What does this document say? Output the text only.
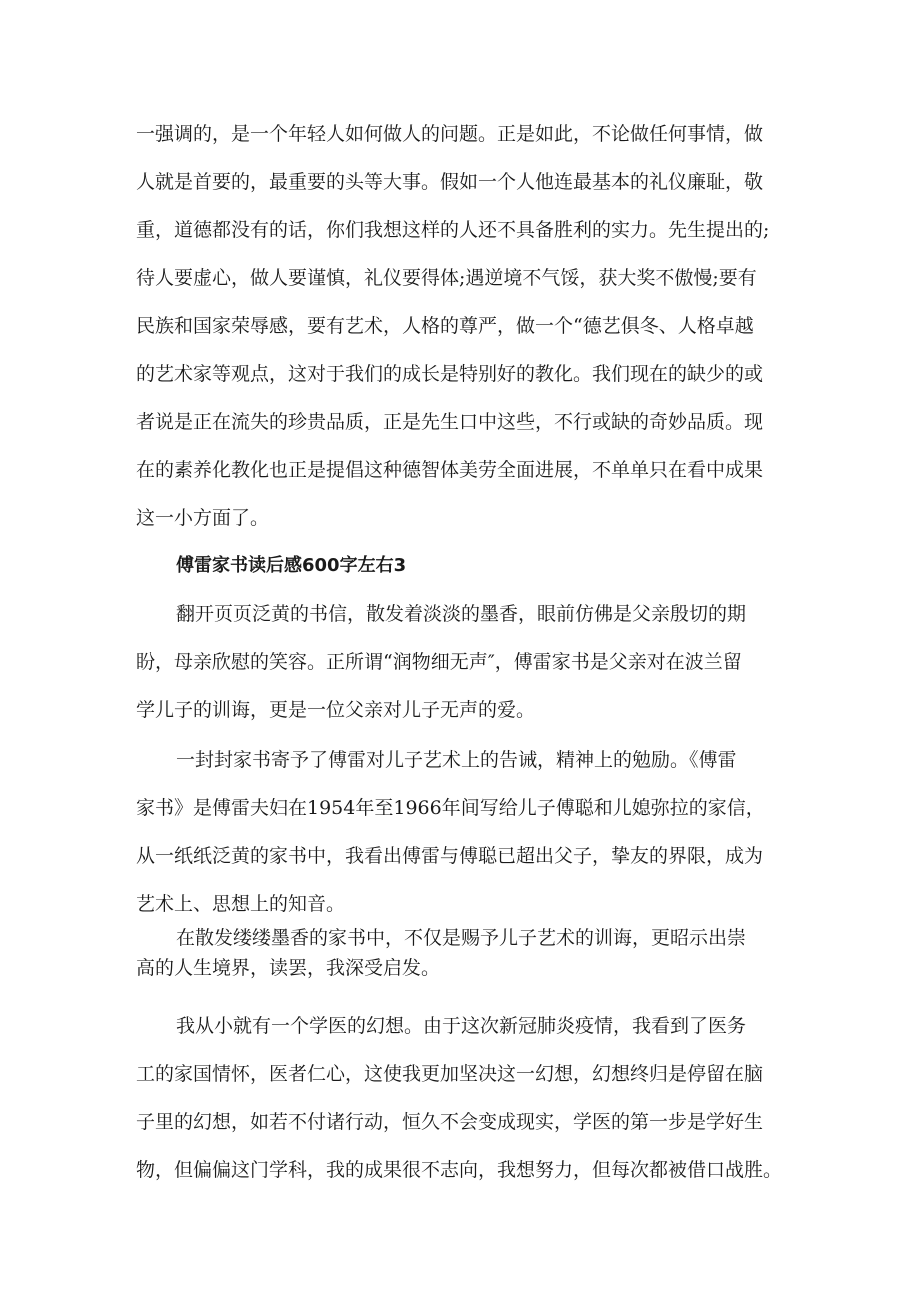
一强调的，是一个年轻人如何做人的问题。正是如此，不论做任何事情，做

人就是首要的，最重要的头等大事。假如一个人他连最基本的礼仪廉耻，敬

重，道德都没有的话，你们我想这样的人还不具备胜利的实力。先生提出的;

待人要虚心，做人要谨慎，礼仪要得体;遇逆境不气馁，获大奖不傲慢;要有

民族和国家荣辱感，要有艺术，人格的尊严，做一个“德艺俱冬、人格卓越

的艺术家等观点，这对于我们的成长是特别好的教化。我们现在的缺少的或

者说是正在流失的珍贵品质，正是先生口中这些，不行或缺的奇妙品质。现

在的素养化教化也正是提倡这种德智体美劳全面进展，不单单只在看中成果

这一小方面了。

傅雷家书读后感600字左右3

翻开页页泛黄的书信，散发着淡淡的墨香，眼前仿佛是父亲殷切的期

盼，母亲欣慰的笑容。正所谓“润物细无声″，傅雷家书是父亲对在波兰留

学儿子的训诲，更是一位父亲对儿子无声的爱。

一封封家书寄予了傅雷对儿子艺术上的告诫，精神上的勉励。《傅雷

家书》是傅雷夫妇在1954年至1966年间写给儿子傅聪和儿媳弥拉的家信，

从一纸纸泛黄的家书中，我看出傅雷与傅聪已超出父子，挚友的界限，成为

艺术上、思想上的知音。

在散发缕缕墨香的家书中，不仅是赐予儿子艺术的训诲，更昭示出崇

高的人生境界，读罢，我深受启发。

我从小就有一个学医的幻想。由于这次新冠肺炎疫情，我看到了医务

工的家国情怀，医者仁心，这使我更加坚决这一幻想，幻想终归是停留在脑

子里的幻想，如若不付诸行动，恒久不会变成现实，学医的第一步是学好生

物，但偏偏这门学科，我的成果很不志向，我想努力，但每次都被借口战胜。
